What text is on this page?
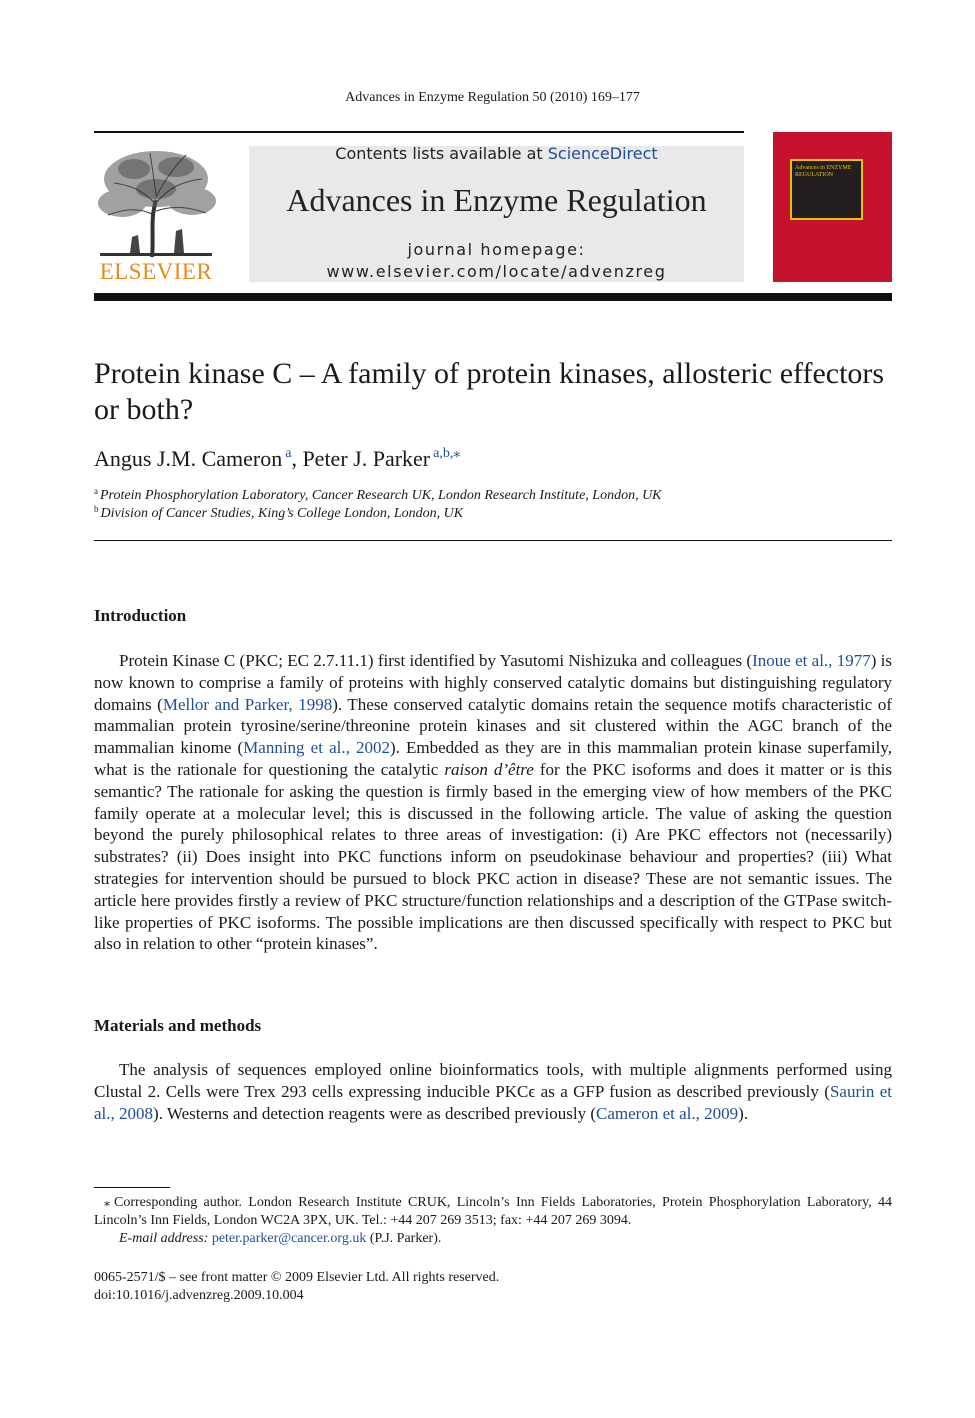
Advances in Enzyme Regulation 50 (2010) 169–177
ELSEVIER
Contents lists available at ScienceDirect
Advances in Enzyme Regulation
journal homepage: www.elsevier.com/locate/advenzreg
Advances in ENZYME REGULATION
Protein kinase C – A family of protein kinases, allosteric effectors or both?
Angus J.M. Cameron $^a$, Peter J. Parker $^{a,b,⁎}$
$^a$ Protein Phosphorylation Laboratory, Cancer Research UK, London Research Institute, London, UK
$^b$ Division of Cancer Studies, King’s College London, London, UK
Introduction

Protein Kinase C (PKC; EC 2.7.11.1) first identified by Yasutomi Nishizuka and colleagues (Inoue et al., 1977) is now known to comprise a family of proteins with highly conserved catalytic domains but distinguishing regulatory domains (Mellor and Parker, 1998). These conserved catalytic domains retain the sequence motifs characteristic of mammalian protein tyrosine/serine/threonine protein kinases and sit clustered within the AGC branch of the mammalian kinome (Manning et al., 2002). Embedded as they are in this mammalian protein kinase superfamily, what is the rationale for questioning the catalytic raison d’être for the PKC isoforms and does it matter or is this semantic? The rationale for asking the question is firmly based in the emerging view of how members of the PKC family operate at a molecular level; this is discussed in the following article. The value of asking the question beyond the purely philosophical relates to three areas of investigation: (i) Are PKC effectors not (necessarily) substrates? (ii) Does insight into PKC functions inform on pseudokinase behaviour and properties? (iii) What strategies for intervention should be pursued to block PKC action in disease? These are not semantic issues. The article here provides firstly a review of PKC structure/function relationships and a description of the GTPase switch-like properties of PKC isoforms. The possible implications are then discussed specifically with respect to PKC but also in relation to other “protein kinases”.

Materials and methods

The analysis of sequences employed online bioinformatics tools, with multiple alignments performed using Clustal 2. Cells were Trex 293 cells expressing inducible PKCϵ as a GFP fusion as described previously (Saurin et al., 2008). Westerns and detection reagents were as described previously (Cameron et al., 2009).

⁎ Corresponding author. London Research Institute CRUK, Lincoln’s Inn Fields Laboratories, Protein Phosphorylation Laboratory, 44 Lincoln’s Inn Fields, London WC2A 3PX, UK. Tel.: +44 207 269 3513; fax: +44 207 269 3094.
E-mail address: peter.parker@cancer.org.uk (P.J. Parker).
0065-2571/$ – see front matter © 2009 Elsevier Ltd. All rights reserved.
doi:10.1016/j.advenzreg.2009.10.004
